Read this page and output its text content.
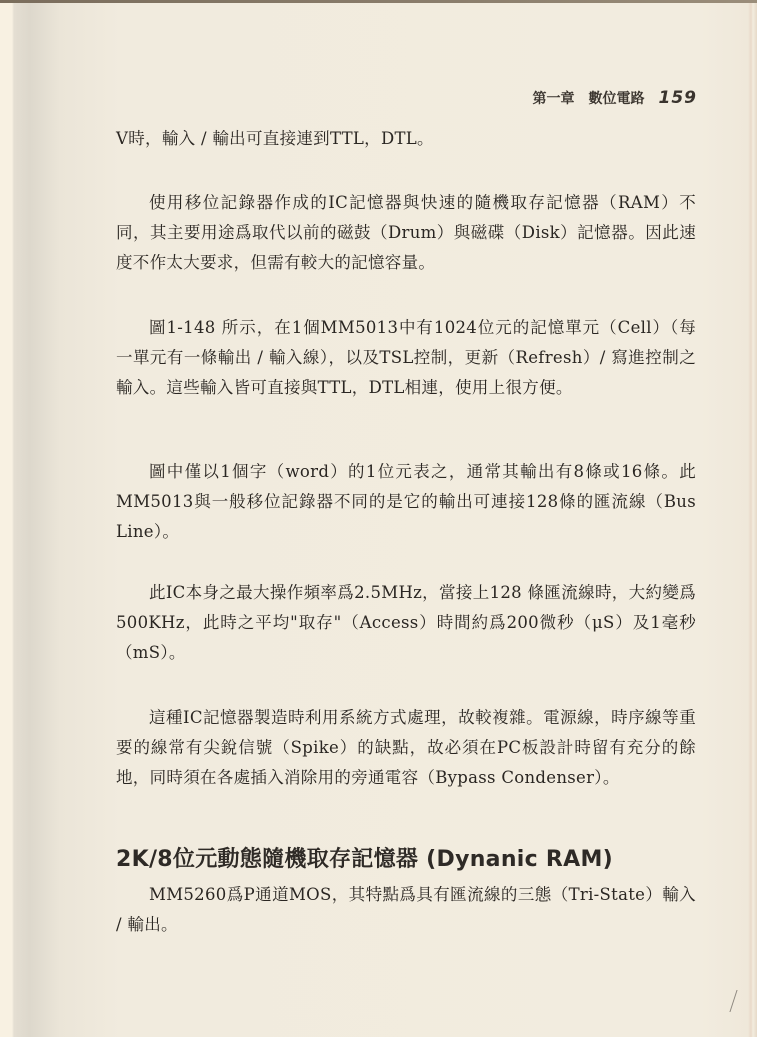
第一章 數位電路 159
V時，輸入 / 輸出可直接連到TTL，DTL。
使用移位記錄器作成的IC記憶器與快速的隨機取存記憶器（RAM）不同，其主要用途爲取代以前的磁鼓（Drum）與磁碟（Disk）記憶器。因此速度不作太大要求，但需有較大的記憶容量。
圖1-148 所示，在1個MM5013中有1024位元的記憶單元（Cell）（每一單元有一條輸出 / 輸入線），以及TSL控制，更新（Refresh）/ 寫進控制之輸入。這些輸入皆可直接與TTL，DTL相連，使用上很方便。
圖中僅以1個字（word）的1位元表之，通常其輸出有8條或16條。此MM5013與一般移位記錄器不同的是它的輸出可連接128條的匯流線（Bus Line）。
此IC本身之最大操作頻率爲2.5MHz，當接上128 條匯流線時，大約變爲500KHz，此時之平均"取存"（Access）時間約爲200微秒（μS）及1毫秒（mS）。
這種IC記憶器製造時利用系統方式處理，故較複雜。電源線，時序線等重要的線常有尖銳信號（Spike）的缺點，故必須在PC板設計時留有充分的餘地，同時須在各處插入消除用的旁通電容（Bypass Condenser）。
2K/8位元動態隨機取存記憶器 (Dynanic RAM)
MM5260爲P通道MOS，其特點爲具有匯流線的三態（Tri-State）輸入 / 輸出。
